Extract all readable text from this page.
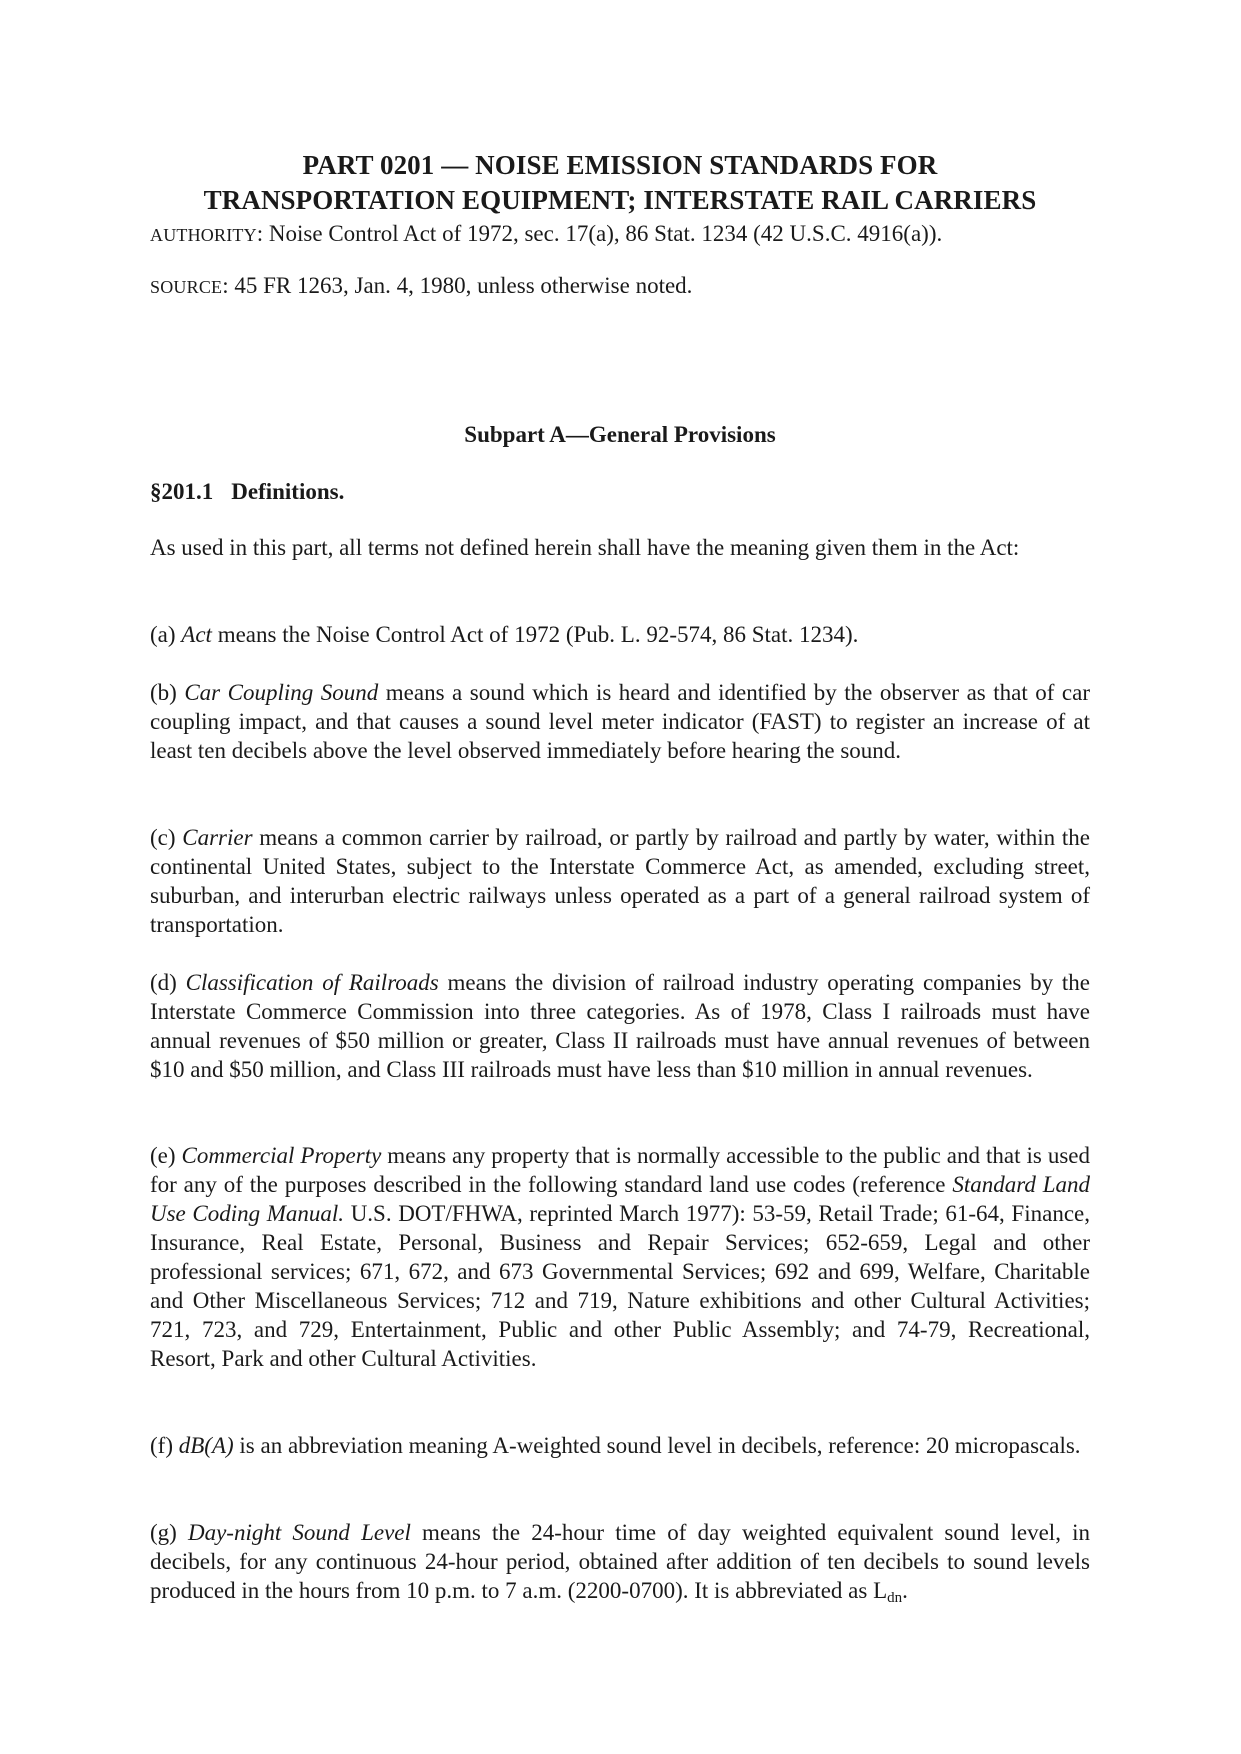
PART 0201 — NOISE EMISSION STANDARDS FOR
TRANSPORTATION EQUIPMENT; INTERSTATE RAIL CARRIERS
AUTHORITY: Noise Control Act of 1972, sec. 17(a), 86 Stat. 1234 (42 U.S.C. 4916(a)).
SOURCE: 45 FR 1263, Jan. 4, 1980, unless otherwise noted.
Subpart A—General Provisions
§201.1 Definitions.

As used in this part, all terms not defined herein shall have the meaning given them in the Act:

(a) Act means the Noise Control Act of 1972 (Pub. L. 92-574, 86 Stat. 1234).

(b) Car Coupling Sound means a sound which is heard and identified by the observer as that of car coupling impact, and that causes a sound level meter indicator (FAST) to register an increase of at least ten decibels above the level observed immediately before hearing the sound.

(c) Carrier means a common carrier by railroad, or partly by railroad and partly by water, within the continental United States, subject to the Interstate Commerce Act, as amended, excluding street, suburban, and interurban electric railways unless operated as a part of a general railroad system of transportation.

(d) Classification of Railroads means the division of railroad industry operating companies by the Interstate Commerce Commission into three categories. As of 1978, Class I railroads must have annual revenues of $50 million or greater, Class II railroads must have annual revenues of between $10 and $50 million, and Class III railroads must have less than $10 million in annual revenues.

(e) Commercial Property means any property that is normally accessible to the public and that is used for any of the purposes described in the following standard land use codes (reference Standard Land Use Coding Manual. U.S. DOT/FHWA, reprinted March 1977): 53-59, Retail Trade; 61-64, Finance, Insurance, Real Estate, Personal, Business and Repair Services; 652-659, Legal and other professional services; 671, 672, and 673 Governmental Services; 692 and 699, Welfare, Charitable and Other Miscellaneous Services; 712 and 719, Nature exhibitions and other Cultural Activities; 721, 723, and 729, Entertainment, Public and other Public Assembly; and 74-79, Recreational, Resort, Park and other Cultural Activities.

(f) dB(A) is an abbreviation meaning A-weighted sound level in decibels, reference: 20 micropascals.

(g) Day-night Sound Level means the 24-hour time of day weighted equivalent sound level, in decibels, for any continuous 24-hour period, obtained after addition of ten decibels to sound levels produced in the hours from 10 p.m. to 7 a.m. (2200-0700). It is abbreviated as $L_{dn}$.
